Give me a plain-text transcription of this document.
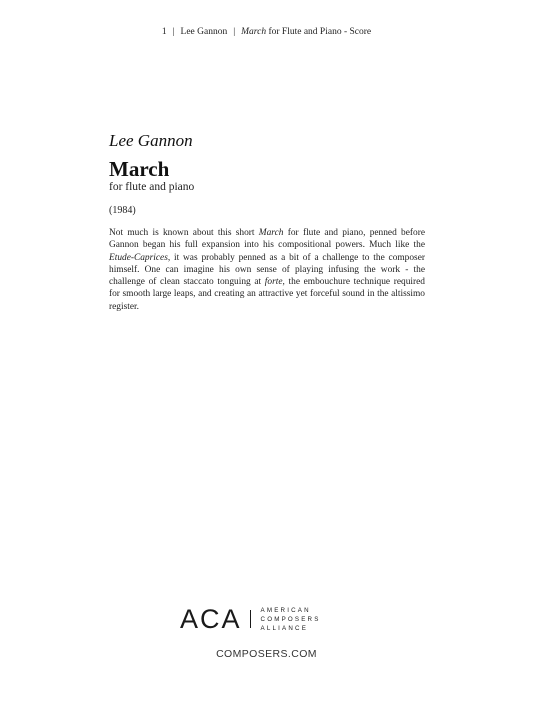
1 | Lee Gannon | March for Flute and Piano - Score
Lee Gannon
March
for flute and piano
(1984)

Not much is known about this short March for flute and piano, penned before Gannon began his full expansion into his compositional powers. Much like the Etude-Caprices, it was probably penned as a bit of a challenge to the composer himself. One can imagine his own sense of playing infusing the work - the challenge of clean staccato tonguing at forte, the embouchure technique required for smooth large leaps, and creating an attractive yet forceful sound in the altissimo register.

ACA	AMERICAN
COMPOSERS
ALLIANCE
COMPOSERS.COM
